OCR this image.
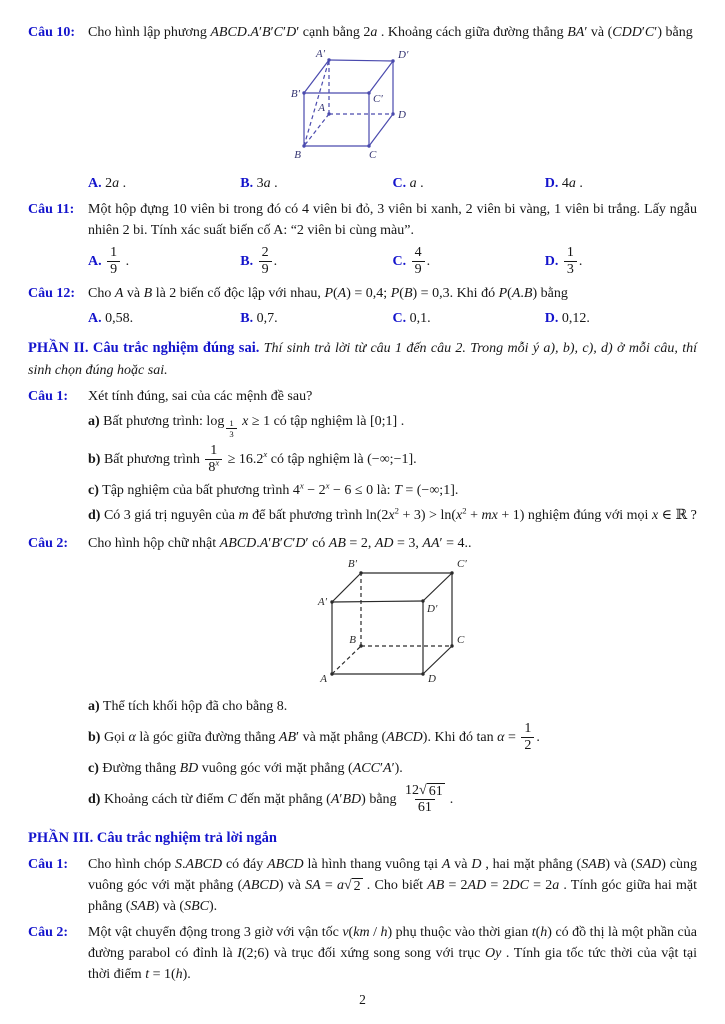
Câu 10: Cho hình lập phương ABCD.A′B′C′D′ cạnh bằng 2a . Khoảng cách giữa đường thẳng BA′ và (CDD′C′) bằng

A′	D′
B′	C′
A
D
B	C
A. 2a .	B. 3a .	C. a .	D. 4a .
Câu 11: Một hộp đựng 10 viên bi trong đó có 4 viên bi đỏ, 3 viên bi xanh, 2 viên bi vàng, 1 viên bi trắng. Lấy ngẫu nhiên 2 bi. Tính xác suất biến cố A: “2 viên bi cùng màu”.

A. $\frac{1}{9}$ .	B. $\frac{2}{9}$ .	C. $\frac{4}{9}$ .	D. $\frac{1}{3}$ .
Câu 12: Cho A và B là 2 biến cố độc lập với nhau, P(A) = 0,4; P(B) = 0,3. Khi đó P(A.B) bằng

A. 0,58.	B. 0,7.	C. 0,1.	D. 0,12.

PHẦN II. Câu trắc nghiệm đúng sai. Thí sinh trả lời từ câu 1 đến câu 2. Trong mỗi ý a), b), c), d) ở mỗi câu, thí sinh chọn đúng hoặc sai.

Câu 1:	Xét tính đúng, sai của các mệnh đề sau?

a) Bất phương trình: log $_{\frac{1}{3}}$ x ≥ 1 có tập nghiệm là [0;1] .

b) Bất phương trình $\frac{1}{8^x} \ge 16.2^x$ có tập nghiệm là (−∞;−1].

c) Tập nghiệm của bất phương trình $4^x - 2^x - 6 \le 0$ là: T = (−∞;1].

d) Có 3 giá trị nguyên của m để bất phương trình $\ln(2x^2 + 3) > \ln(x^2$ + mx + 1) nghiệm đúng với mọi x ∈ ℝ ?

Câu 2:	Cho hình hộp chữ nhật ABCD.A′B′C′D′ có AB = 2, AD = 3, AA′ = 4..

B′	C′
A′
D′
B	C
A	D

a) Thể tích khối hộp đã cho bằng 8.

b) Gọi α là góc giữa đường thẳng AB′ và mặt phẳng (ABCD). Khi đó $\tan \alpha = \frac{1}{2}$ .

c) Đường thẳng BD vuông góc với mặt phẳng (ACC′A′).

d) Khoảng cách từ điểm C đến mặt phẳng (A′BD) bằng $\frac{12 √ 61}{61}$ .

PHẦN III. Câu trắc nghiệm trả lời ngắn

Câu 1:	Cho hình chóp S.ABCD có đáy ABCD là hình thang vuông tại A và D , hai mặt phẳng (SAB) và (SAD) cùng vuông góc với mặt phẳng (ABCD) và SA = a √ 2 . Cho biết AB = 2AD = 2DC = 2a . Tính góc giữa hai mặt phẳng (SAB) và (SBC).

Câu 2:	Một vật chuyển động trong 3 giờ với vận tốc v(km / h) phụ thuộc vào thời gian t(h) có đồ thị là một phần của đường parabol có đỉnh là I(2;6) và trục đối xứng song song với trục Oy . Tính gia tốc tức thời của vật tại thời điểm t = 1(h).

2
